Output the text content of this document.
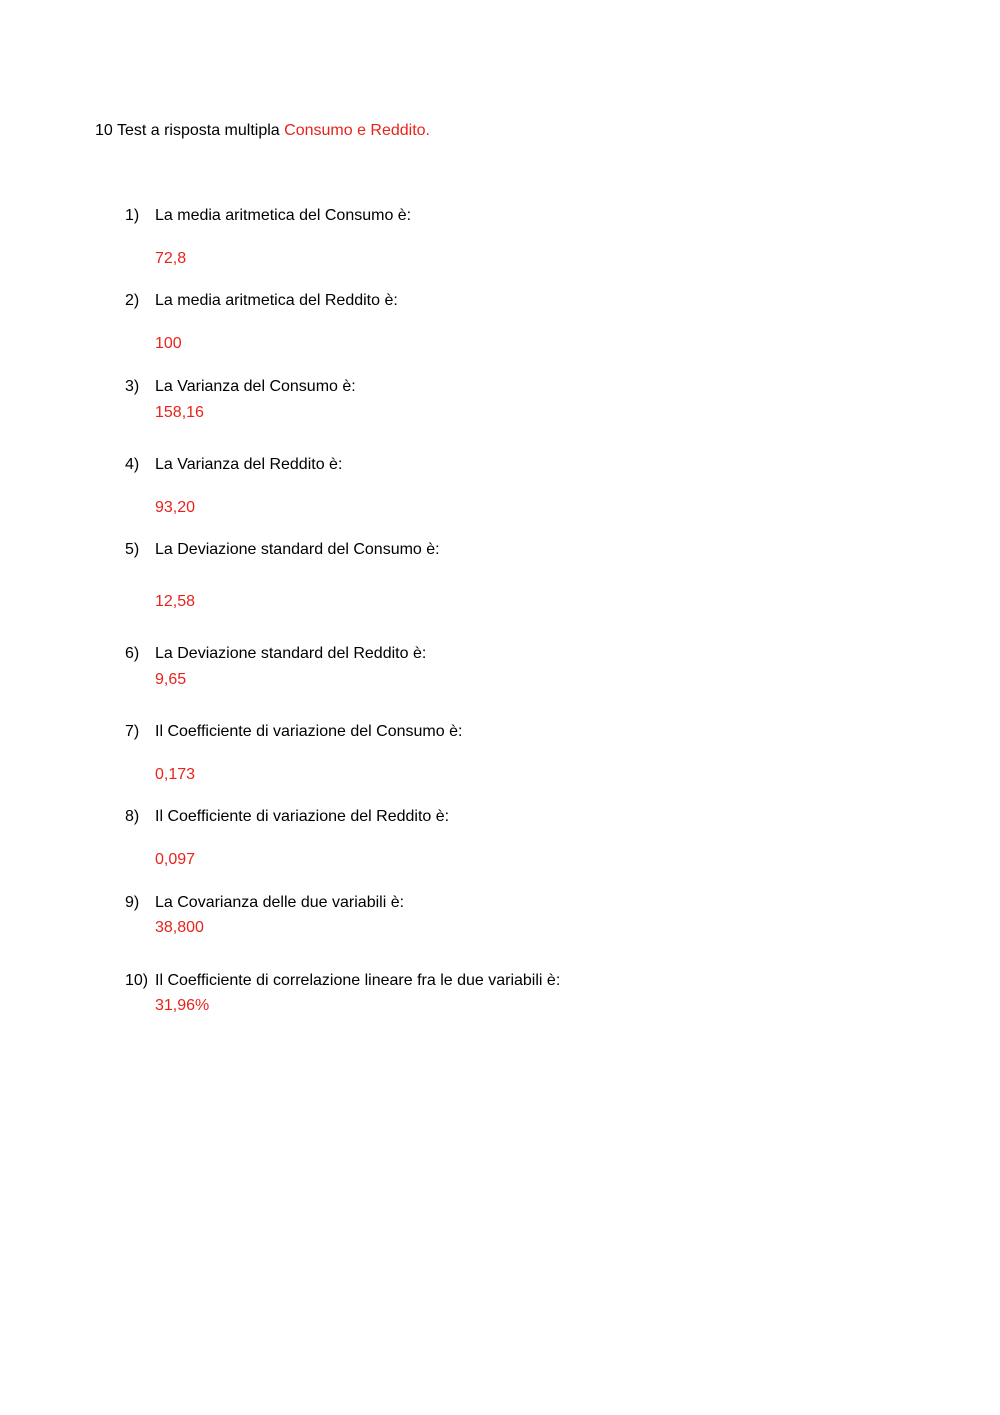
10 Test a risposta multipla Consumo e Reddito.
1) La media aritmetica del Consumo è:
72,8
2) La media aritmetica del Reddito è:
100
3) La Varianza del Consumo è:
158,16
4) La Varianza del Reddito è:
93,20
5) La Deviazione standard del Consumo è:
12,58
6) La Deviazione standard del Reddito è:
9,65
7) Il Coefficiente di variazione del Consumo è:
0,173
8) Il Coefficiente di variazione del Reddito è:
0,097
9) La Covarianza delle due variabili è:
38,800
10) Il Coefficiente di correlazione lineare fra le due variabili è:
31,96%
